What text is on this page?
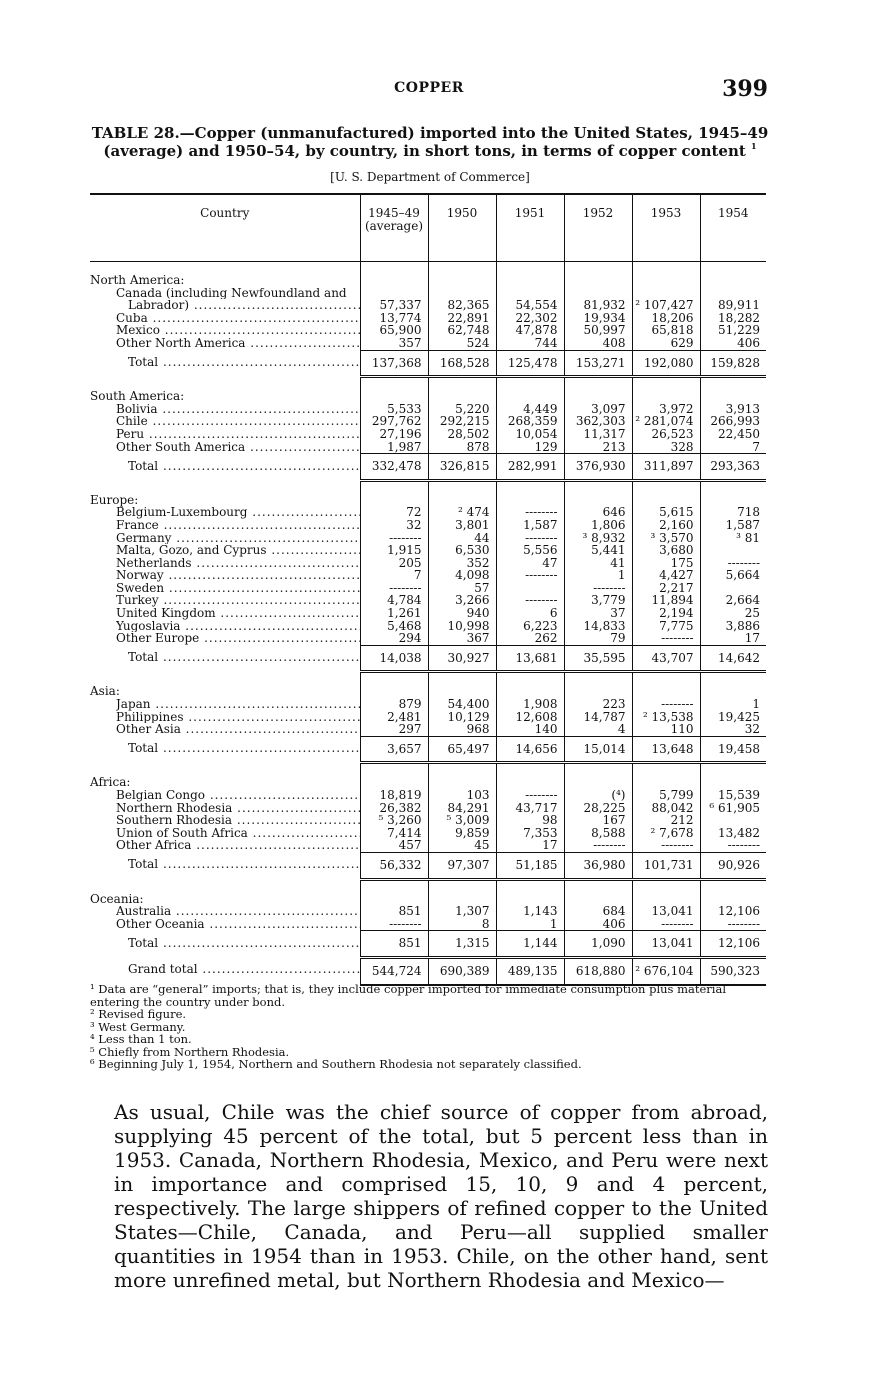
COPPER	399
TABLE 28.—Copper (unmanufactured) imported into the United States, 1945–49
(average) and 1950–54, by country, in short tons, in terms of copper content $^1$
[U. S. Department of Commerce]
Country	1945–49
(average)	1950	1951	1952	1953	1954

North America:						

Canada (including Newfoundland and						

Labrador) .....	57,337	82,365	54,554	81,932	² 107,427	89,911

Cuba .....	13,774	22,891	22,302	19,934	18,206	18,282

Mexico .....	65,900	62,748	47,878	50,997	65,818	51,229

Other North America .....	357	524	744	408	629	406

Total .....	137,368	168,528	125,478	153,271	192,080	159,828

South America:						

Bolivia .....	5,533	5,220	4,449	3,097	3,972	3,913

Chile .....	297,762	292,215	268,359	362,303	² 281,074	266,993

Peru .....	27,196	28,502	10,054	11,317	26,523	22,450

Other South America .....	1,987	878	129	213	328	7

Total .....	332,478	326,815	282,991	376,930	311,897	293,363

Europe:						

Belgium-Luxembourg .....	72	² 474	--------	646	5,615	718

France .....	32	3,801	1,587	1,806	2,160	1,587

Germany .....	--------	44	--------	³ 8,932	³ 3,570	³ 81

Malta, Gozo, and Cyprus .....	1,915	6,530	5,556	5,441	3,680	

Netherlands .....	205	352	47	41	175	--------

Norway .....	7	4,098	--------	1	4,427	5,664

Sweden .....	--------	57		--------	2,217	

Turkey .....	4,784	3,266	--------	3,779	11,894	2,664

United Kingdom .....	1,261	940	6	37	2,194	25

Yugoslavia .....	5,468	10,998	6,223	14,833	7,775	3,886

Other Europe .....	294	367	262	79	--------	17

Total .....	14,038	30,927	13,681	35,595	43,707	14,642

Asia:						

Japan .....	879	54,400	1,908	223	--------	1

Philippines .....	2,481	10,129	12,608	14,787	² 13,538	19,425

Other Asia .....	297	968	140	4	110	32

Total .....	3,657	65,497	14,656	15,014	13,648	19,458

Africa:						

Belgian Congo .....	18,819	103	--------	(⁴)	5,799	15,539

Northern Rhodesia .....	26,382	84,291	43,717	28,225	88,042	⁶ 61,905

Southern Rhodesia .....	⁵ 3,260	⁵ 3,009	98	167	212	

Union of South Africa .....	7,414	9,859	7,353	8,588	² 7,678	13,482

Other Africa .....	457	45	17	--------	--------	--------

Total .....	56,332	97,307	51,185	36,980	101,731	90,926

Oceania:						

Australia .....	851	1,307	1,143	684	13,041	12,106

Other Oceania .....	--------	8	1	406	--------	--------

Total .....	851	1,315	1,144	1,090	13,041	12,106

Grand total .....	544,724	690,389	489,135	618,880	² 676,104	590,323
¹ Data are “general” imports; that is, they include copper imported for immediate consumption plus material entering the country under bond.
² Revised figure.
³ West Germany.
⁴ Less than 1 ton.
⁵ Chiefly from Northern Rhodesia.
⁶ Beginning July 1, 1954, Northern and Southern Rhodesia not separately classified.

As usual, Chile was the chief source of copper from abroad, supplying 45 percent of the total, but 5 percent less than in 1953. Canada, Northern Rhodesia, Mexico, and Peru were next in importance and comprised 15, 10, 9 and 4 percent, respectively. The large shippers of refined copper to the United States—Chile, Canada, and Peru—all supplied smaller quantities in 1954 than in 1953. Chile, on the other hand, sent more unrefined metal, but Northern Rhodesia and Mexico—
